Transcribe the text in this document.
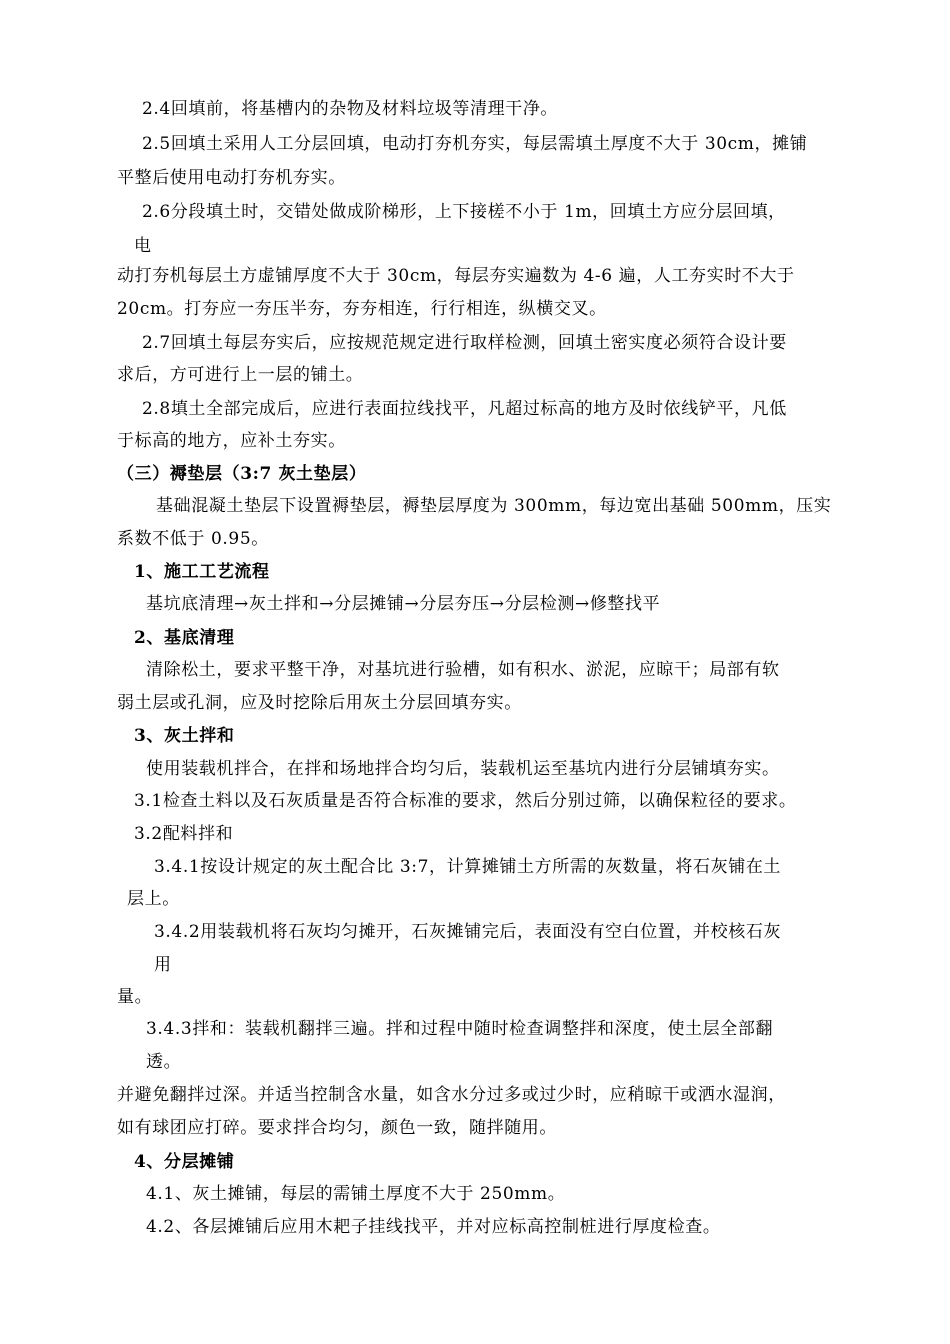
2.4回填前，将基槽内的杂物及材料垃圾等清理干净。
2.5回填土采用人工分层回填，电动打夯机夯实，每层需填土厚度不大于 30cm，摊铺
平整后使用电动打夯机夯实。
2.6分段填土时，交错处做成阶梯形，上下接槎不小于 1m，回填土方应分层回填，
电
动打夯机每层土方虚铺厚度不大于 30cm，每层夯实遍数为 4-6 遍，人工夯实时不大于
20cm。打夯应一夯压半夯，夯夯相连，行行相连，纵横交叉。
2.7回填土每层夯实后，应按规范规定进行取样检测，回填土密实度必须符合设计要
求后，方可进行上一层的铺土。
2.8填土全部完成后，应进行表面拉线找平，凡超过标高的地方及时依线铲平，凡低
于标高的地方，应补土夯实。
（三）褥垫层（3:7 灰土垫层）
基础混凝土垫层下设置褥垫层，褥垫层厚度为 300mm，每边宽出基础 500mm，压实
系数不低于 0.95。
1、施工工艺流程
基坑底清理→灰土拌和→分层摊铺→分层夯压→分层检测→修整找平
2、基底清理
清除松土，要求平整干净，对基坑进行验槽，如有积水、淤泥，应晾干；局部有软
弱土层或孔洞，应及时挖除后用灰土分层回填夯实。
3、灰土拌和
使用装载机拌合，在拌和场地拌合均匀后，装载机运至基坑内进行分层铺填夯实。
3.1检查土料以及石灰质量是否符合标准的要求，然后分别过筛，以确保粒径的要求。
3.2配料拌和
3.4.1按设计规定的灰土配合比 3:7，计算摊铺土方所需的灰数量，将石灰铺在土
层上。
3.4.2用装载机将石灰均匀摊开，石灰摊铺完后，表面没有空白位置，并校核石灰
用
量。
3.4.3拌和：装载机翻拌三遍。拌和过程中随时检查调整拌和深度，使土层全部翻
透。
并避免翻拌过深。并适当控制含水量，如含水分过多或过少时，应稍晾干或洒水湿润，
如有球团应打碎。要求拌合均匀，颜色一致，随拌随用。
4、分层摊铺
4.1、灰土摊铺，每层的需铺土厚度不大于 250mm。
4.2、各层摊铺后应用木耙子挂线找平，并对应标高控制桩进行厚度检查。
